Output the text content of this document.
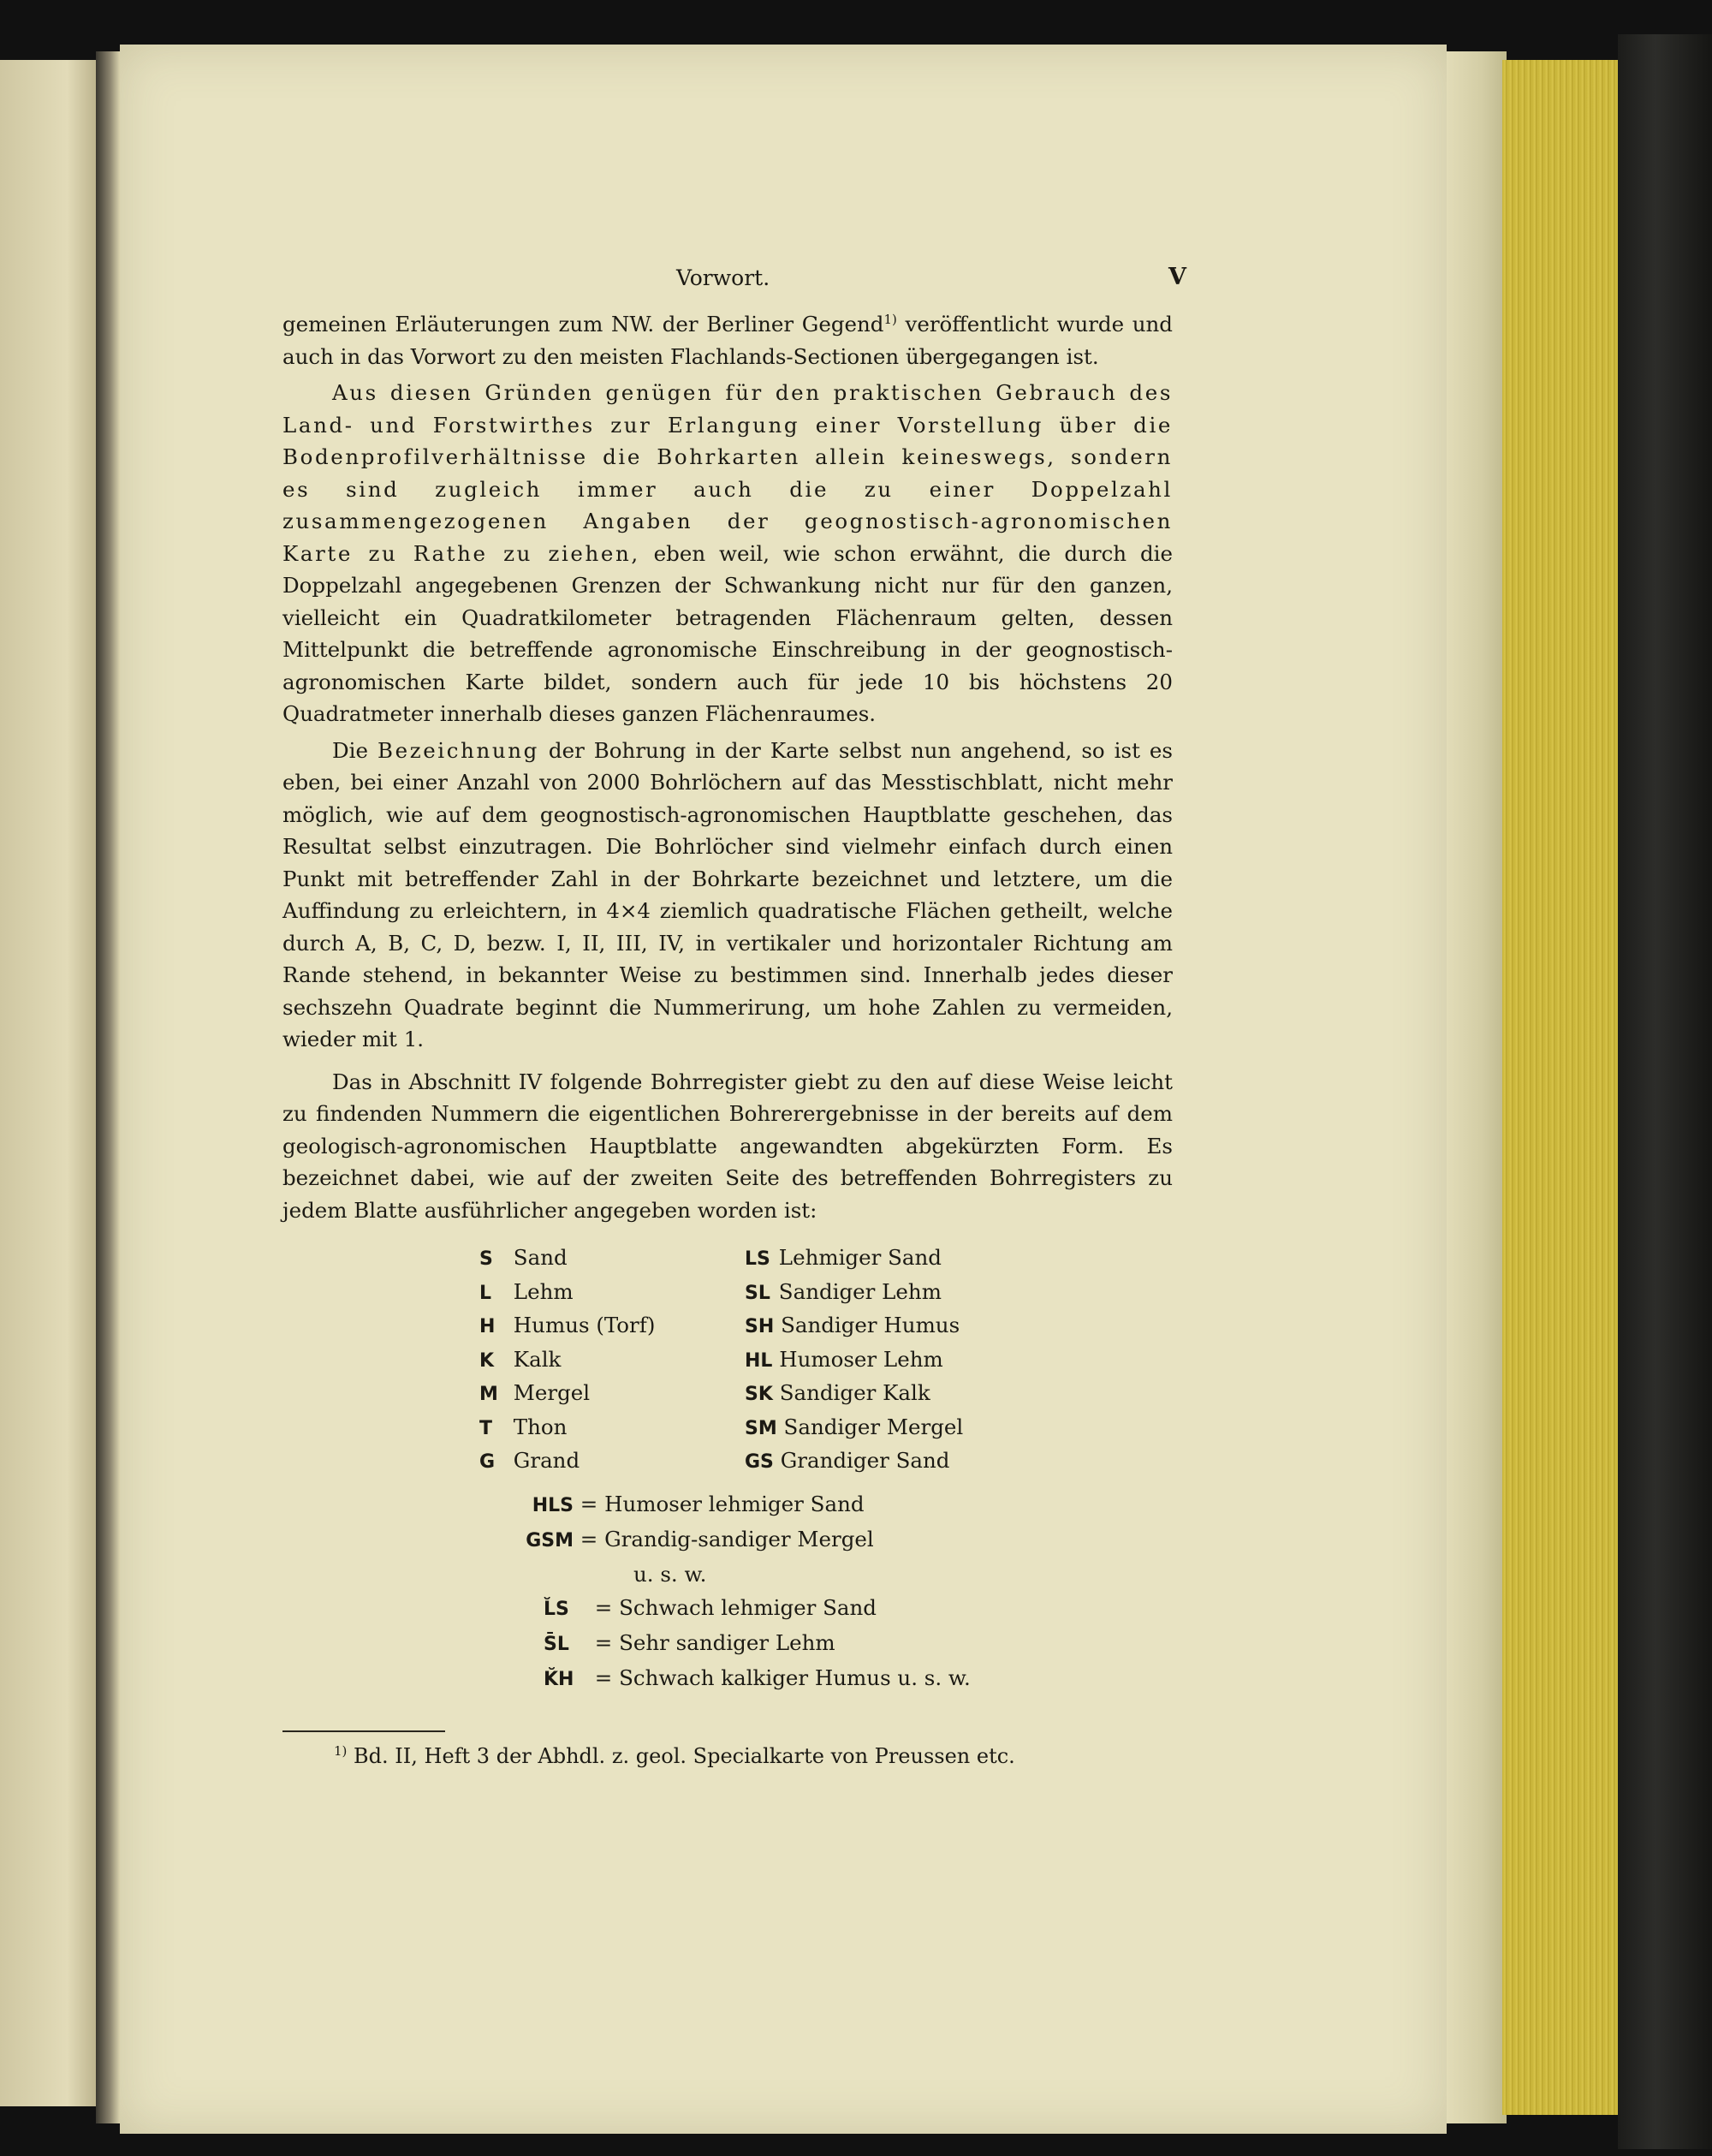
Vorwort.	V

gemeinen Erläuterungen zum NW. der Berliner Gegend$^{1)}$ veröffentlicht wurde und auch in das Vorwort zu den meisten Flachlands-Sectionen übergegangen ist.

Aus diesen Gründen genügen für den praktischen Gebrauch des Land- und Forstwirthes zur Erlangung einer Vorstellung über die Bodenprofilverhältnisse die Bohrkarten allein keineswegs, sondern es sind zugleich immer auch die zu einer Doppelzahl zusammengezogenen Angaben der geognostisch-agronomischen Karte zu Rathe zu ziehen, eben weil, wie schon erwähnt, die durch die Doppelzahl angegebenen Grenzen der Schwankung nicht nur für den ganzen, vielleicht ein Quadratkilometer betragenden Flächenraum gelten, dessen Mittelpunkt die betreffende agronomische Einschreibung in der geognostisch-agronomischen Karte bildet, sondern auch für jede 10 bis höchstens 20 Quadratmeter innerhalb dieses ganzen Flächenraumes.

Die Bezeichnung der Bohrung in der Karte selbst nun angehend, so ist es eben, bei einer Anzahl von 2000 Bohrlöchern auf das Messtischblatt, nicht mehr möglich, wie auf dem geognostisch-agronomischen Hauptblatte geschehen, das Resultat selbst einzutragen. Die Bohrlöcher sind vielmehr einfach durch einen Punkt mit betreffender Zahl in der Bohrkarte bezeichnet und letztere, um die Auffindung zu erleichtern, in 4×4 ziemlich quadratische Flächen getheilt, welche durch A, B, C, D, bezw. I, II, III, IV, in vertikaler und horizontaler Richtung am Rande stehend, in bekannter Weise zu bestimmen sind. Innerhalb jedes dieser sechszehn Quadrate beginnt die Nummerirung, um hohe Zahlen zu vermeiden, wieder mit 1.

Das in Abschnitt IV folgende Bohrregister giebt zu den auf diese Weise leicht zu findenden Nummern die eigentlichen Bohrerergebnisse in der bereits auf dem geologisch-agronomischen Hauptblatte angewandten abgekürzten Form. Es bezeichnet dabei, wie auf der zweiten Seite des betreffenden Bohrregisters zu jedem Blatte ausführlicher angegeben worden ist:

S Sand	LS Lehmiger Sand
L Lehm	SL Sandiger Lehm
H Humus (Torf)	SH Sandiger Humus
K Kalk	HL Humoser Lehm
M Mergel	SK Sandiger Kalk
T Thon	SM Sandiger Mergel
G Grand	GS Grandiger Sand
HLS = Humoser lehmiger Sand
GSM = Grandig-sandiger Mergel
u. s. w.
L̆S = Schwach lehmiger Sand
S̄L = Sehr sandiger Lehm
K̆H = Schwach kalkiger Humus u. s. w.
$^{1)}$ Bd. II, Heft 3 der Abhdl. z. geol. Specialkarte von Preussen etc.
